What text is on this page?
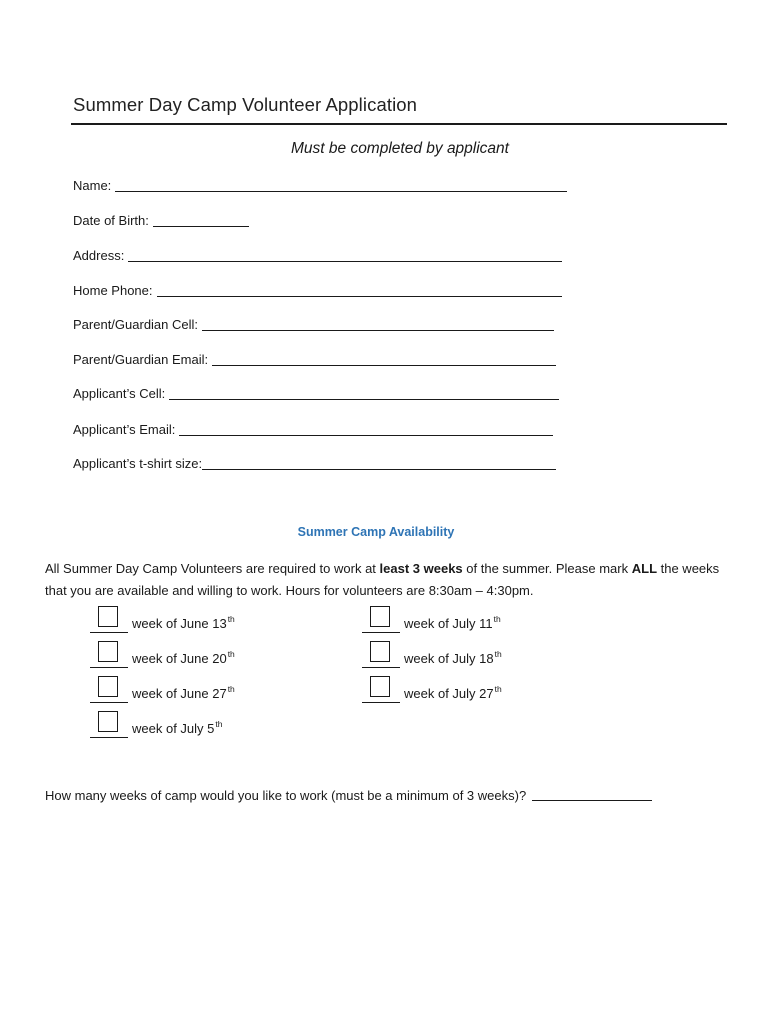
Summer Day Camp Volunteer Application
Must be completed by applicant
Name:
Date of Birth:
Address:
Home Phone:
Parent/Guardian Cell:
Parent/Guardian Email:
Applicant’s Cell:
Applicant’s Email:
Applicant’s t-shirt size:
Summer Camp Availability
All Summer Day Camp Volunteers are required to work at least 3 weeks of the summer. Please mark ALL the weeks that you are available and willing to work. Hours for volunteers are 8:30am – 4:30pm.
week of June 13th
week of June 20th
week of June 27th
week of July 5th
week of July 11th
week of July 18th
week of July 27th
How many weeks of camp would you like to work (must be a minimum of 3 weeks)?
